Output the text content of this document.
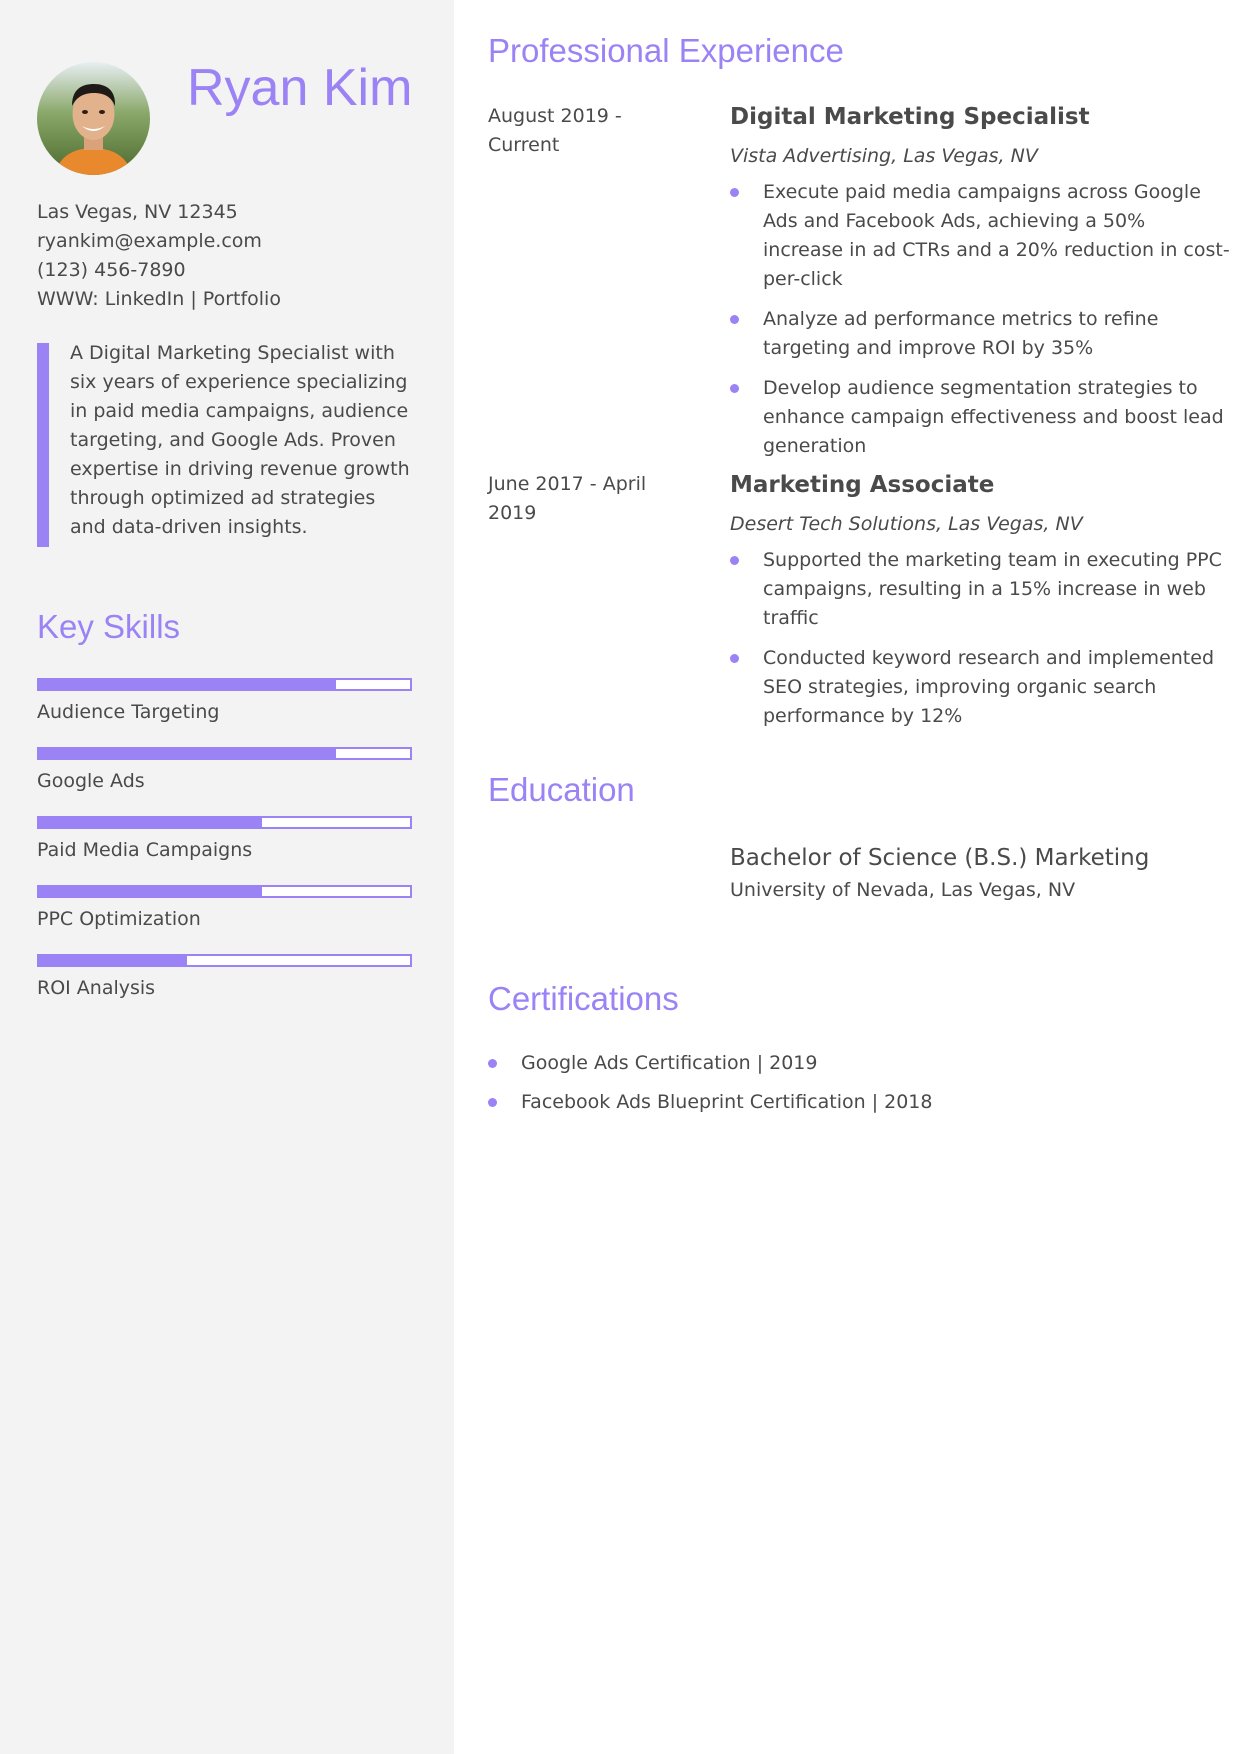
Ryan Kim
Las Vegas, NV 12345
ryankim@example.com
(123) 456-7890
WWW: LinkedIn | Portfolio

A Digital Marketing Specialist with six years of experience specializing in paid media campaigns, audience targeting, and Google Ads. Proven expertise in driving revenue growth through optimized ad strategies and data-driven insights.

Key Skills
Audience Targeting
Google Ads
Paid Media Campaigns
PPC Optimization
ROI Analysis
Professional Experience
August 2019 - Current
Digital Marketing Specialist
Vista Advertising, Las Vegas, NV
Execute paid media campaigns across Google Ads and Facebook Ads, achieving a 50% increase in ad CTRs and a 20% reduction in cost-per-click
Analyze ad performance metrics to refine targeting and improve ROI by 35%
Develop audience segmentation strategies to enhance campaign effectiveness and boost lead generation
June 2017 - April 2019
Marketing Associate
Desert Tech Solutions, Las Vegas, NV
Supported the marketing team in executing PPC campaigns, resulting in a 15% increase in web traffic
Conducted keyword research and implemented SEO strategies, improving organic search performance by 12%
Education
Bachelor of Science (B.S.) Marketing
University of Nevada, Las Vegas, NV
Certifications
Google Ads Certification | 2019
Facebook Ads Blueprint Certification | 2018
